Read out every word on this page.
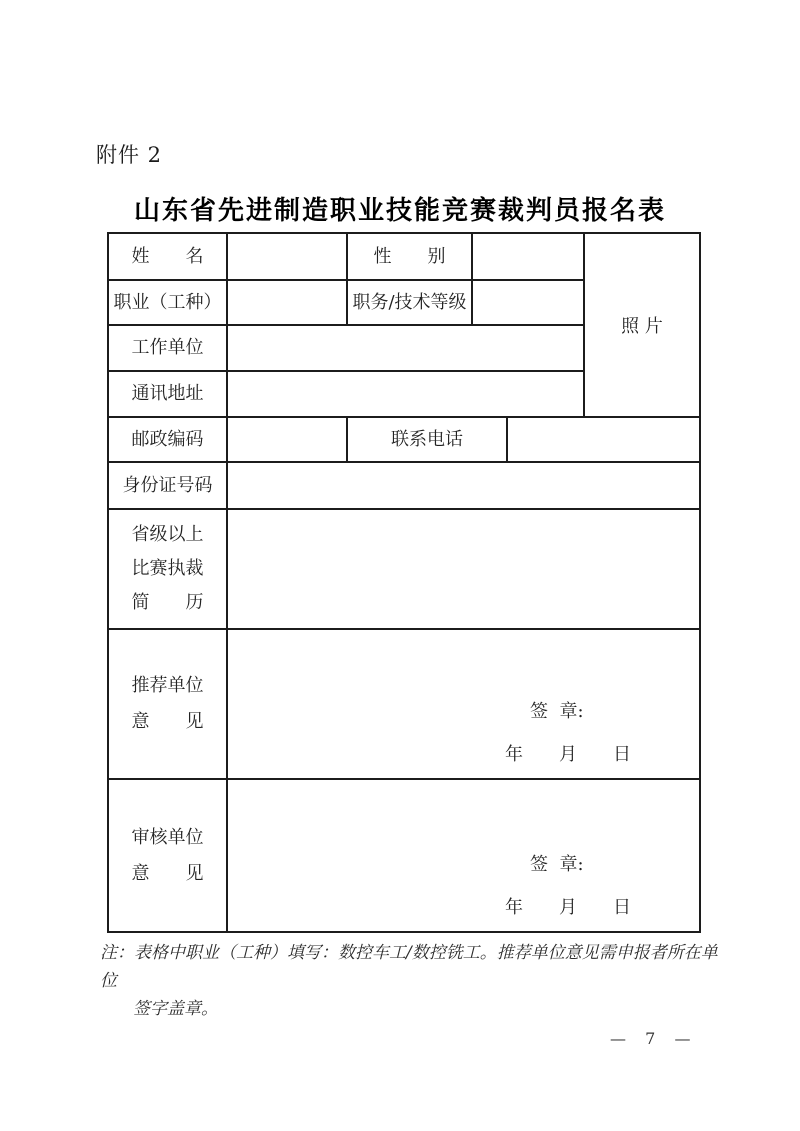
附件 2
山东省先进制造职业技能竞赛裁判员报名表
姓　　名		性　　别			照 片
职业（工种）		职务/技术等级			
工作单位					
通讯地址					
邮政编码		联系电话			
身份证号码					

省级以上
比赛执裁
简　　历					

推荐单位
意　　见	签  章:
年　　月　　日

审核单位
意　　见	签  章:
年　　月　　日
注：表格中职业（工种）填写：数控车工/数控铣工。推荐单位意见需申报者所在单位
签字盖章。
—  7  —
